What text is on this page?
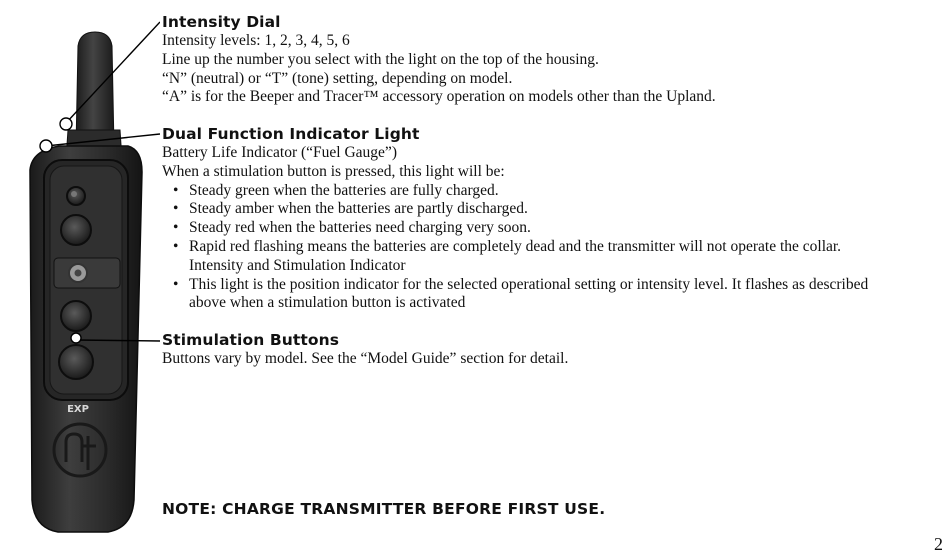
EXP
Intensity Dial
Intensity levels: 1, 2, 3, 4, 5, 6
Line up the number you select with the light on the top of the housing.
“N” (neutral) or “T” (tone) setting, depending on model.
“A” is for the Beeper and Tracer™ accessory operation on models other than the Upland.
Dual Function Indicator Light
Battery Life Indicator (“Fuel Gauge”)
When a stimulation button is pressed, this light will be:
• Steady green when the batteries are fully charged.
• Steady amber when the batteries are partly discharged.
• Steady red when the batteries need charging very soon.
• Rapid red flashing means the batteries are completely dead and the transmitter will not operate the collar.
Intensity and Stimulation Indicator
• This light is the position indicator for the selected operational setting or intensity level. It flashes as described
above when a stimulation button is activated
Stimulation Buttons
Buttons vary by model. See the “Model Guide” section for detail.
NOTE: CHARGE TRANSMITTER BEFORE FIRST USE.
2
